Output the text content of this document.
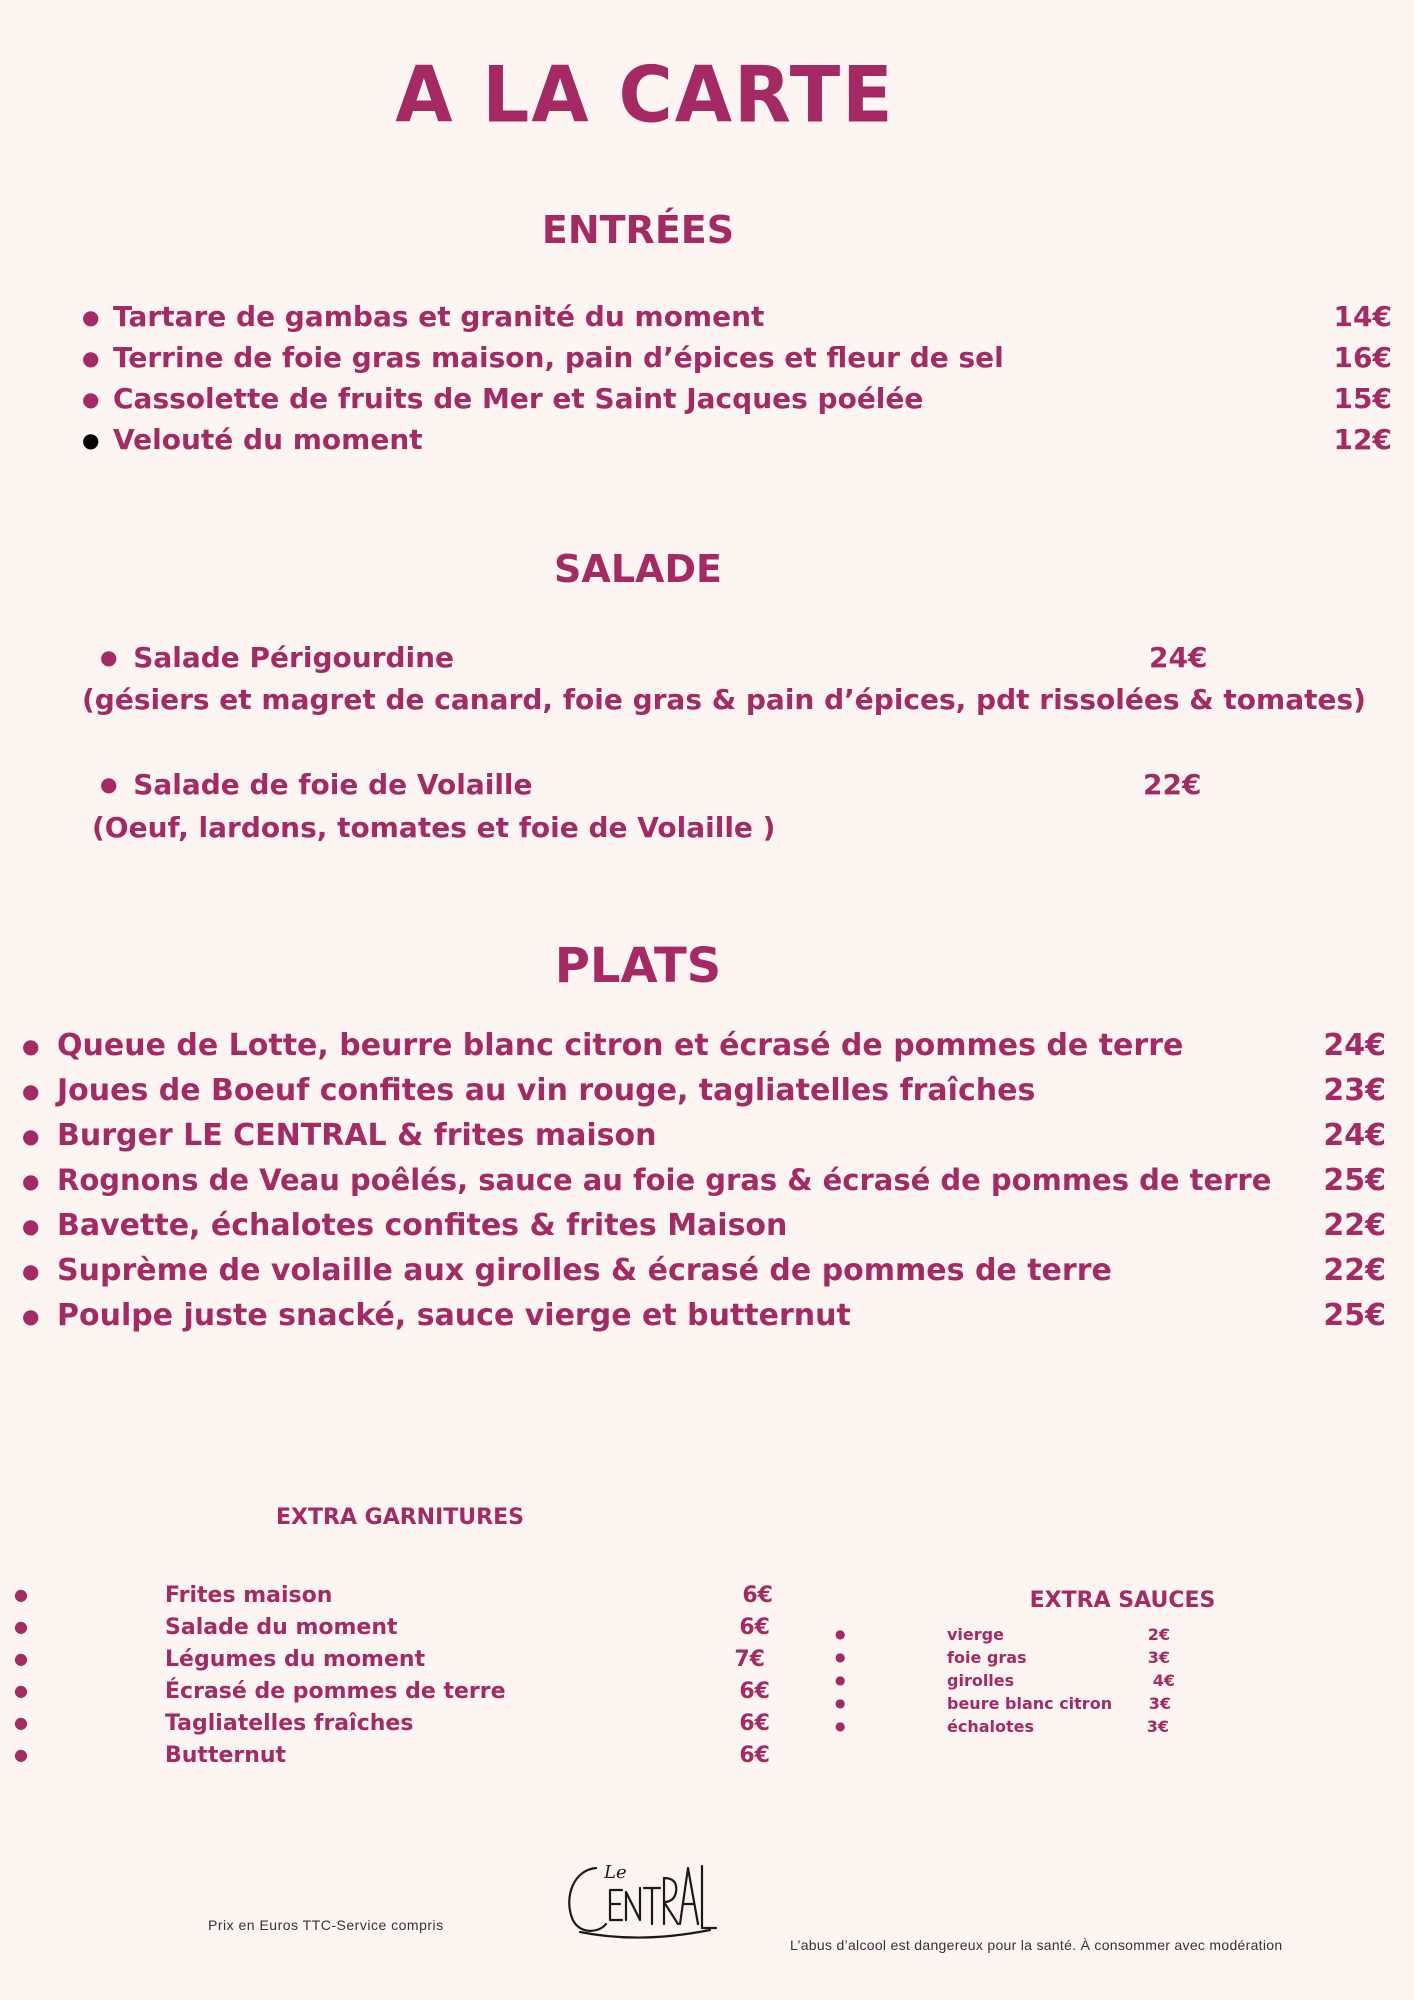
A LA CARTE
ENTRÉES
● Tartare de gambas et granité du moment	14€
● Terrine de foie gras maison, pain d’épices et fleur de sel	16€
● Cassolette de fruits de Mer et Saint Jacques poélée	15€
● Velouté du moment	12€
SALADE
● Salade Périgourdine	24€
(gésiers et magret de canard, foie gras & pain d’épices, pdt rissolées & tomates)
● Salade de foie de Volaille	22€
(Oeuf, lardons, tomates et foie de Volaille )
PLATS
● Queue de Lotte, beurre blanc citron et écrasé de pommes de terre	24€
● Joues de Boeuf confites au vin rouge, tagliatelles fraîches	23€
● Burger LE CENTRAL & frites maison	24€
● Rognons de Veau poêlés, sauce au foie gras & écrasé de pommes de terre 25€
● Bavette, échalotes confites & frites Maison	22€
● Suprème de volaille aux girolles & écrasé de pommes de terre	22€
● Poulpe juste snacké, sauce vierge et butternut	25€
EXTRA GARNITURES
●	Frites maison	6€
●	Salade du moment	6€
●	Légumes du moment	7€
●	Écrasé de pommes de terre	6€
●	Tagliatelles fraîches	6€
●	Butternut	6€
EXTRA SAUCES
●	vierge	2€
●	foie gras	3€
●	girolles	4€
●	beure blanc citron 3€
●	échalotes	3€
Prix en Euros TTC-Service compris
Le
L’abus d’alcool est dangereux pour la santé. À consommer avec modération
